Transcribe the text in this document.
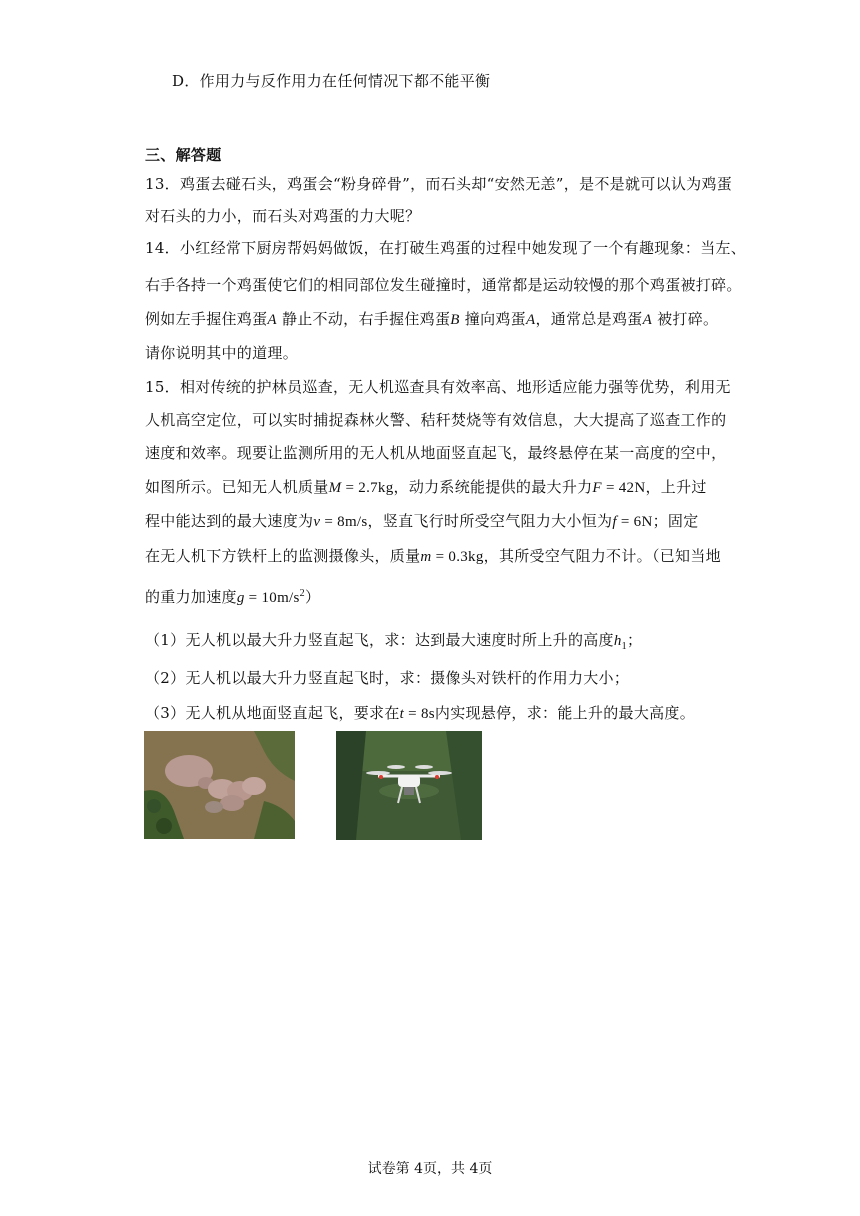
D．作用力与反作用力在任何情况下都不能平衡
三、解答题
13．鸡蛋去碰石头，鸡蛋会“粉身碎骨”，而石头却“安然无恙”，是不是就可以认为鸡蛋
对石头的力小，而石头对鸡蛋的力大呢？
14．小红经常下厨房帮妈妈做饭，在打破生鸡蛋的过程中她发现了一个有趣现象：当左、
右手各持一个鸡蛋使它们的相同部位发生碰撞时，通常都是运动较慢的那个鸡蛋被打碎。
例如左手握住鸡蛋A 静止不动，右手握住鸡蛋B 撞向鸡蛋A，通常总是鸡蛋A 被打碎。
请你说明其中的道理。
15．相对传统的护林员巡查，无人机巡查具有效率高、地形适应能力强等优势，利用无
人机高空定位，可以实时捕捉森林火警、秸秆焚烧等有效信息，大大提高了巡查工作的
速度和效率。现要让监测所用的无人机从地面竖直起飞，最终悬停在某一高度的空中，
如图所示。已知无人机质量M = 2.7kg，动力系统能提供的最大升力F = 42N，上升过
程中能达到的最大速度为v = 8m/s，竖直飞行时所受空气阻力大小恒为f = 6N；固定
在无人机下方铁杆上的监测摄像头，质量m = 0.3kg，其所受空气阻力不计。（已知当地
的重力加速度$g = 10m/s^2$）
（1）无人机以最大升力竖直起飞，求：达到最大速度时所上升的高度$h_1$；
（2）无人机以最大升力竖直起飞时，求：摄像头对铁杆的作用力大小；
（3）无人机从地面竖直起飞，要求在t = 8s内实现悬停，求：能上升的最大高度。
试卷第 4页，共 4页
